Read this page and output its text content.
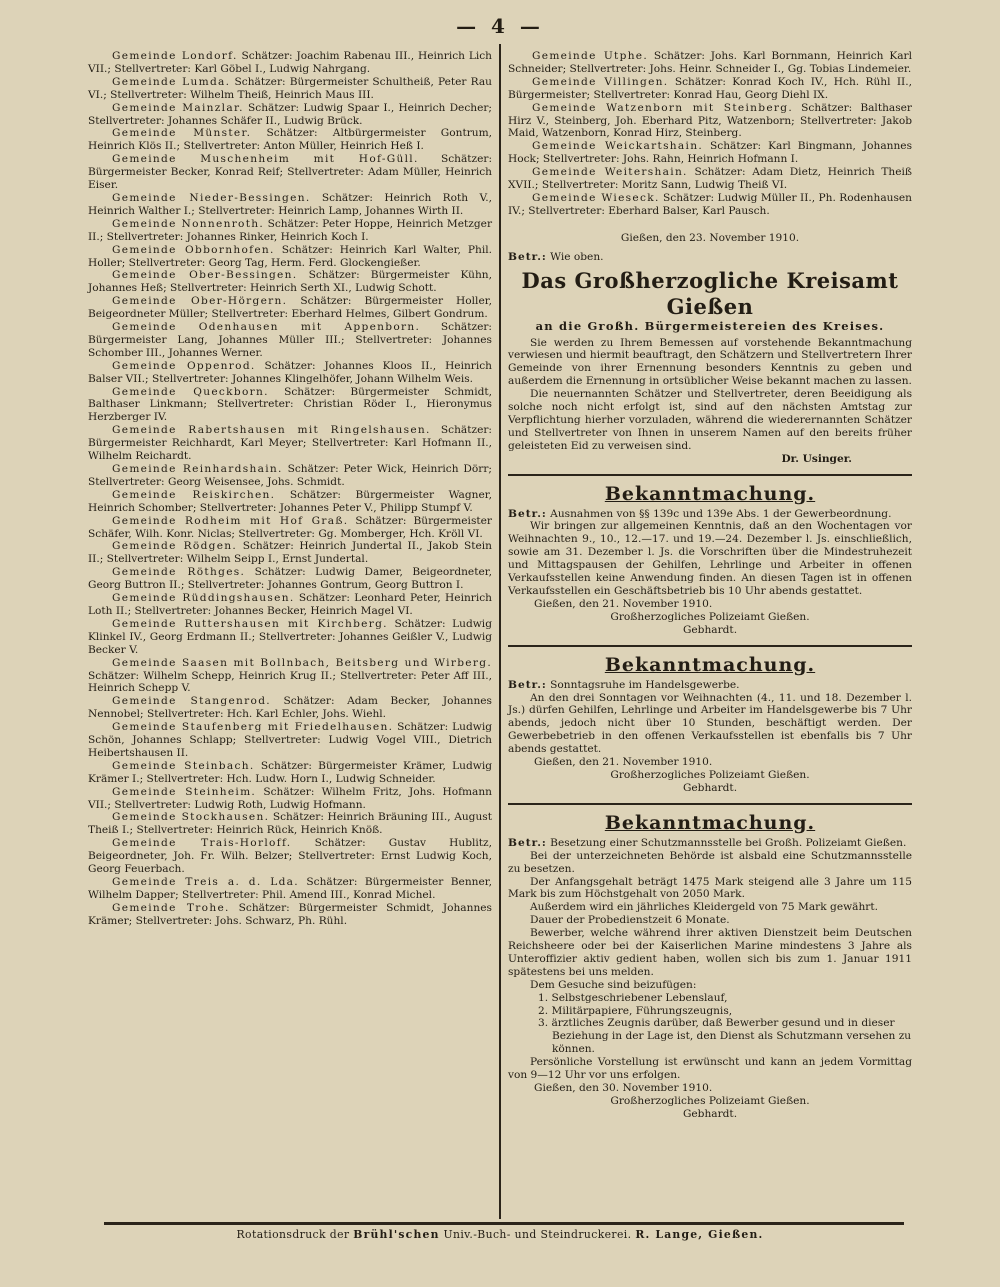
— 4 —

Gemeinde Londorf. Schätzer: Joachim Rabenau III., Heinrich Lich VII.; Stellvertreter: Karl Göbel I., Ludwig Nahrgang.

Gemeinde Lumda. Schätzer: Bürgermeister Schultheiß, Peter Rau VI.; Stellvertreter: Wilhelm Theiß, Heinrich Maus III.

Gemeinde Mainzlar. Schätzer: Ludwig Spaar I., Heinrich Decher; Stellvertreter: Johannes Schäfer II., Ludwig Brück.

Gemeinde Münster. Schätzer: Altbürgermeister Gontrum, Heinrich Klös II.; Stellvertreter: Anton Müller, Heinrich Heß I.

Gemeinde Muschenheim mit Hof-Güll. Schätzer: Bürgermeister Becker, Konrad Reif; Stellvertreter: Adam Müller, Heinrich Eiser.

Gemeinde Nieder-Bessingen. Schätzer: Heinrich Roth V., Heinrich Walther I.; Stellvertreter: Heinrich Lamp, Johannes Wirth II.

Gemeinde Nonnenroth. Schätzer: Peter Hoppe, Heinrich Metzger II.; Stellvertreter: Johannes Rinker, Heinrich Koch I.

Gemeinde Obbornhofen. Schätzer: Heinrich Karl Walter, Phil. Holler; Stellvertreter: Georg Tag, Herm. Ferd. Glockengießer.

Gemeinde Ober-Bessingen. Schätzer: Bürgermeister Kühn, Johannes Heß; Stellvertreter: Heinrich Serth XI., Ludwig Schott.

Gemeinde Ober-Hörgern. Schätzer: Bürgermeister Holler, Beigeordneter Müller; Stellvertreter: Eberhard Helmes, Gilbert Gondrum.

Gemeinde Odenhausen mit Appenborn. Schätzer: Bürgermeister Lang, Johannes Müller III.; Stellvertreter: Johannes Schomber III., Johannes Werner.

Gemeinde Oppenrod. Schätzer: Johannes Kloos II., Heinrich Balser VII.; Stellvertreter: Johannes Klingelhöfer, Johann Wilhelm Weis.

Gemeinde Queckborn. Schätzer: Bürgermeister Schmidt, Balthaser Linkmann; Stellvertreter: Christian Röder I., Hieronymus Herzberger IV.

Gemeinde Rabertshausen mit Ringelshausen. Schätzer: Bürgermeister Reichhardt, Karl Meyer; Stellvertreter: Karl Hofmann II., Wilhelm Reichardt.

Gemeinde Reinhardshain. Schätzer: Peter Wick, Heinrich Dörr; Stellvertreter: Georg Weisensee, Johs. Schmidt.

Gemeinde Reiskirchen. Schätzer: Bürgermeister Wagner, Heinrich Schomber; Stellvertreter: Johannes Peter V., Philipp Stumpf V.

Gemeinde Rodheim mit Hof Graß. Schätzer: Bürgermeister Schäfer, Wilh. Konr. Niclas; Stellvertreter: Gg. Momberger, Hch. Kröll VI.

Gemeinde Rödgen. Schätzer: Heinrich Jundertal II., Jakob Stein II.; Stellvertreter: Wilhelm Seipp I., Ernst Jundertal.

Gemeinde Röthges. Schätzer: Ludwig Damer, Beigeordneter, Georg Buttron II.; Stellvertreter: Johannes Gontrum, Georg Buttron I.

Gemeinde Rüddingshausen. Schätzer: Leonhard Peter, Heinrich Loth II.; Stellvertreter: Johannes Becker, Heinrich Magel VI.

Gemeinde Ruttershausen mit Kirchberg. Schätzer: Ludwig Klinkel IV., Georg Erdmann II.; Stellvertreter: Johannes Geißler V., Ludwig Becker V.

Gemeinde Saasen mit Bollnbach, Beitsberg und Wirberg. Schätzer: Wilhelm Schepp, Heinrich Krug II.; Stellvertreter: Peter Aff III., Heinrich Schepp V.

Gemeinde Stangenrod. Schätzer: Adam Becker, Johannes Nennobel; Stellvertreter: Hch. Karl Echler, Johs. Wiehl.

Gemeinde Staufenberg mit Friedelhausen. Schätzer: Ludwig Schön, Johannes Schlapp; Stellvertreter: Ludwig Vogel VIII., Dietrich Heibertshausen II.

Gemeinde Steinbach. Schätzer: Bürgermeister Krämer, Ludwig Krämer I.; Stellvertreter: Hch. Ludw. Horn I., Ludwig Schneider.

Gemeinde Steinheim. Schätzer: Wilhelm Fritz, Johs. Hofmann VII.; Stellvertreter: Ludwig Roth, Ludwig Hofmann.

Gemeinde Stockhausen. Schätzer: Heinrich Bräuning III., August Theiß I.; Stellvertreter: Heinrich Rück, Heinrich Knöß.

Gemeinde Trais-Horloff. Schätzer: Gustav Hublitz, Beigeordneter, Joh. Fr. Wilh. Belzer; Stellvertreter: Ernst Ludwig Koch, Georg Feuerbach.

Gemeinde Treis a. d. Lda. Schätzer: Bürgermeister Benner, Wilhelm Dapper; Stellvertreter: Phil. Amend III., Konrad Michel.

Gemeinde Trohe. Schätzer: Bürgermeister Schmidt, Johannes Krämer; Stellvertreter: Johs. Schwarz, Ph. Rühl.

Gemeinde Utphe. Schätzer: Johs. Karl Bornmann, Heinrich Karl Schneider; Stellvertreter: Johs. Heinr. Schneider I., Gg. Tobias Lindemeier.

Gemeinde Villingen. Schätzer: Konrad Koch IV., Hch. Rühl II., Bürgermeister; Stellvertreter: Konrad Hau, Georg Diehl IX.

Gemeinde Watzenborn mit Steinberg. Schätzer: Balthaser Hirz V., Steinberg, Joh. Eberhard Pitz, Watzenborn; Stellvertreter: Jakob Maid, Watzenborn, Konrad Hirz, Steinberg.

Gemeinde Weickartshain. Schätzer: Karl Bingmann, Johannes Hock; Stellvertreter: Johs. Rahn, Heinrich Hofmann I.

Gemeinde Weitershain. Schätzer: Adam Dietz, Heinrich Theiß XVII.; Stellvertreter: Moritz Sann, Ludwig Theiß VI.

Gemeinde Wieseck. Schätzer: Ludwig Müller II., Ph. Rodenhausen IV.; Stellvertreter: Eberhard Balser, Karl Pausch.

Gießen, den 23. November 1910.

Betr.: Wie oben.

Das Großherzogliche Kreisamt Gießen

an die Großh. Bürgermeistereien des Kreises.

Sie werden zu Ihrem Bemessen auf vorstehende Bekanntmachung verwiesen und hiermit beauftragt, den Schätzern und Stellvertretern Ihrer Gemeinde von ihrer Ernennung besonders Kenntnis zu geben und außerdem die Ernennung in ortsüblicher Weise bekannt machen zu lassen.

Die neuernannten Schätzer und Stellvertreter, deren Beeidigung als solche noch nicht erfolgt ist, sind auf den nächsten Amtstag zur Verpflichtung hierher vorzuladen, während die wiederernannten Schätzer und Stellvertreter von Ihnen in unserem Namen auf den bereits früher geleisteten Eid zu verweisen sind.

Dr. Usinger.

Bekanntmachung.

Betr.: Ausnahmen von §§ 139c und 139e Abs. 1 der Gewerbeordnung.

Wir bringen zur allgemeinen Kenntnis, daß an den Wochentagen vor Weihnachten 9., 10., 12.—17. und 19.—24. Dezember l. Js. einschließlich, sowie am 31. Dezember l. Js. die Vorschriften über die Mindestruhezeit und Mittagspausen der Gehilfen, Lehrlinge und Arbeiter in offenen Verkaufsstellen keine Anwendung finden. An diesen Tagen ist in offenen Verkaufsstellen ein Geschäftsbetrieb bis 10 Uhr abends gestattet.

Gießen, den 21. November 1910.

Großherzogliches Polizeiamt Gießen.

Gebhardt.

Bekanntmachung.

Betr.: Sonntagsruhe im Handelsgewerbe.

An den drei Sonntagen vor Weihnachten (4., 11. und 18. Dezember l. Js.) dürfen Gehilfen, Lehrlinge und Arbeiter im Handelsgewerbe bis 7 Uhr abends, jedoch nicht über 10 Stunden, beschäftigt werden. Der Gewerbebetrieb in den offenen Verkaufsstellen ist ebenfalls bis 7 Uhr abends gestattet.

Gießen, den 21. November 1910.

Großherzogliches Polizeiamt Gießen.

Gebhardt.

Bekanntmachung.

Betr.: Besetzung einer Schutzmannsstelle bei Großh. Polizeiamt Gießen.

Bei der unterzeichneten Behörde ist alsbald eine Schutzmannsstelle zu besetzen.

Der Anfangsgehalt beträgt 1475 Mark steigend alle 3 Jahre um 115 Mark bis zum Höchstgehalt von 2050 Mark.

Außerdem wird ein jährliches Kleidergeld von 75 Mark gewährt.

Dauer der Probedienstzeit 6 Monate.

Bewerber, welche während ihrer aktiven Dienstzeit beim Deutschen Reichsheere oder bei der Kaiserlichen Marine mindestens 3 Jahre als Unteroffizier aktiv gedient haben, wollen sich bis zum 1. Januar 1911 spätestens bei uns melden.

Dem Gesuche sind beizufügen:

1. Selbstgeschriebener Lebenslauf,

2. Militärpapiere, Führungszeugnis,

3. ärztliches Zeugnis darüber, daß Bewerber gesund und in dieser Beziehung in der Lage ist, den Dienst als Schutzmann versehen zu können.

Persönliche Vorstellung ist erwünscht und kann an jedem Vormittag von 9—12 Uhr vor uns erfolgen.

Gießen, den 30. November 1910.

Großherzogliches Polizeiamt Gießen.

Gebhardt.

Rotationsdruck der Brühl'schen Univ.-Buch- und Steindruckerei. R. Lange, Gießen.
